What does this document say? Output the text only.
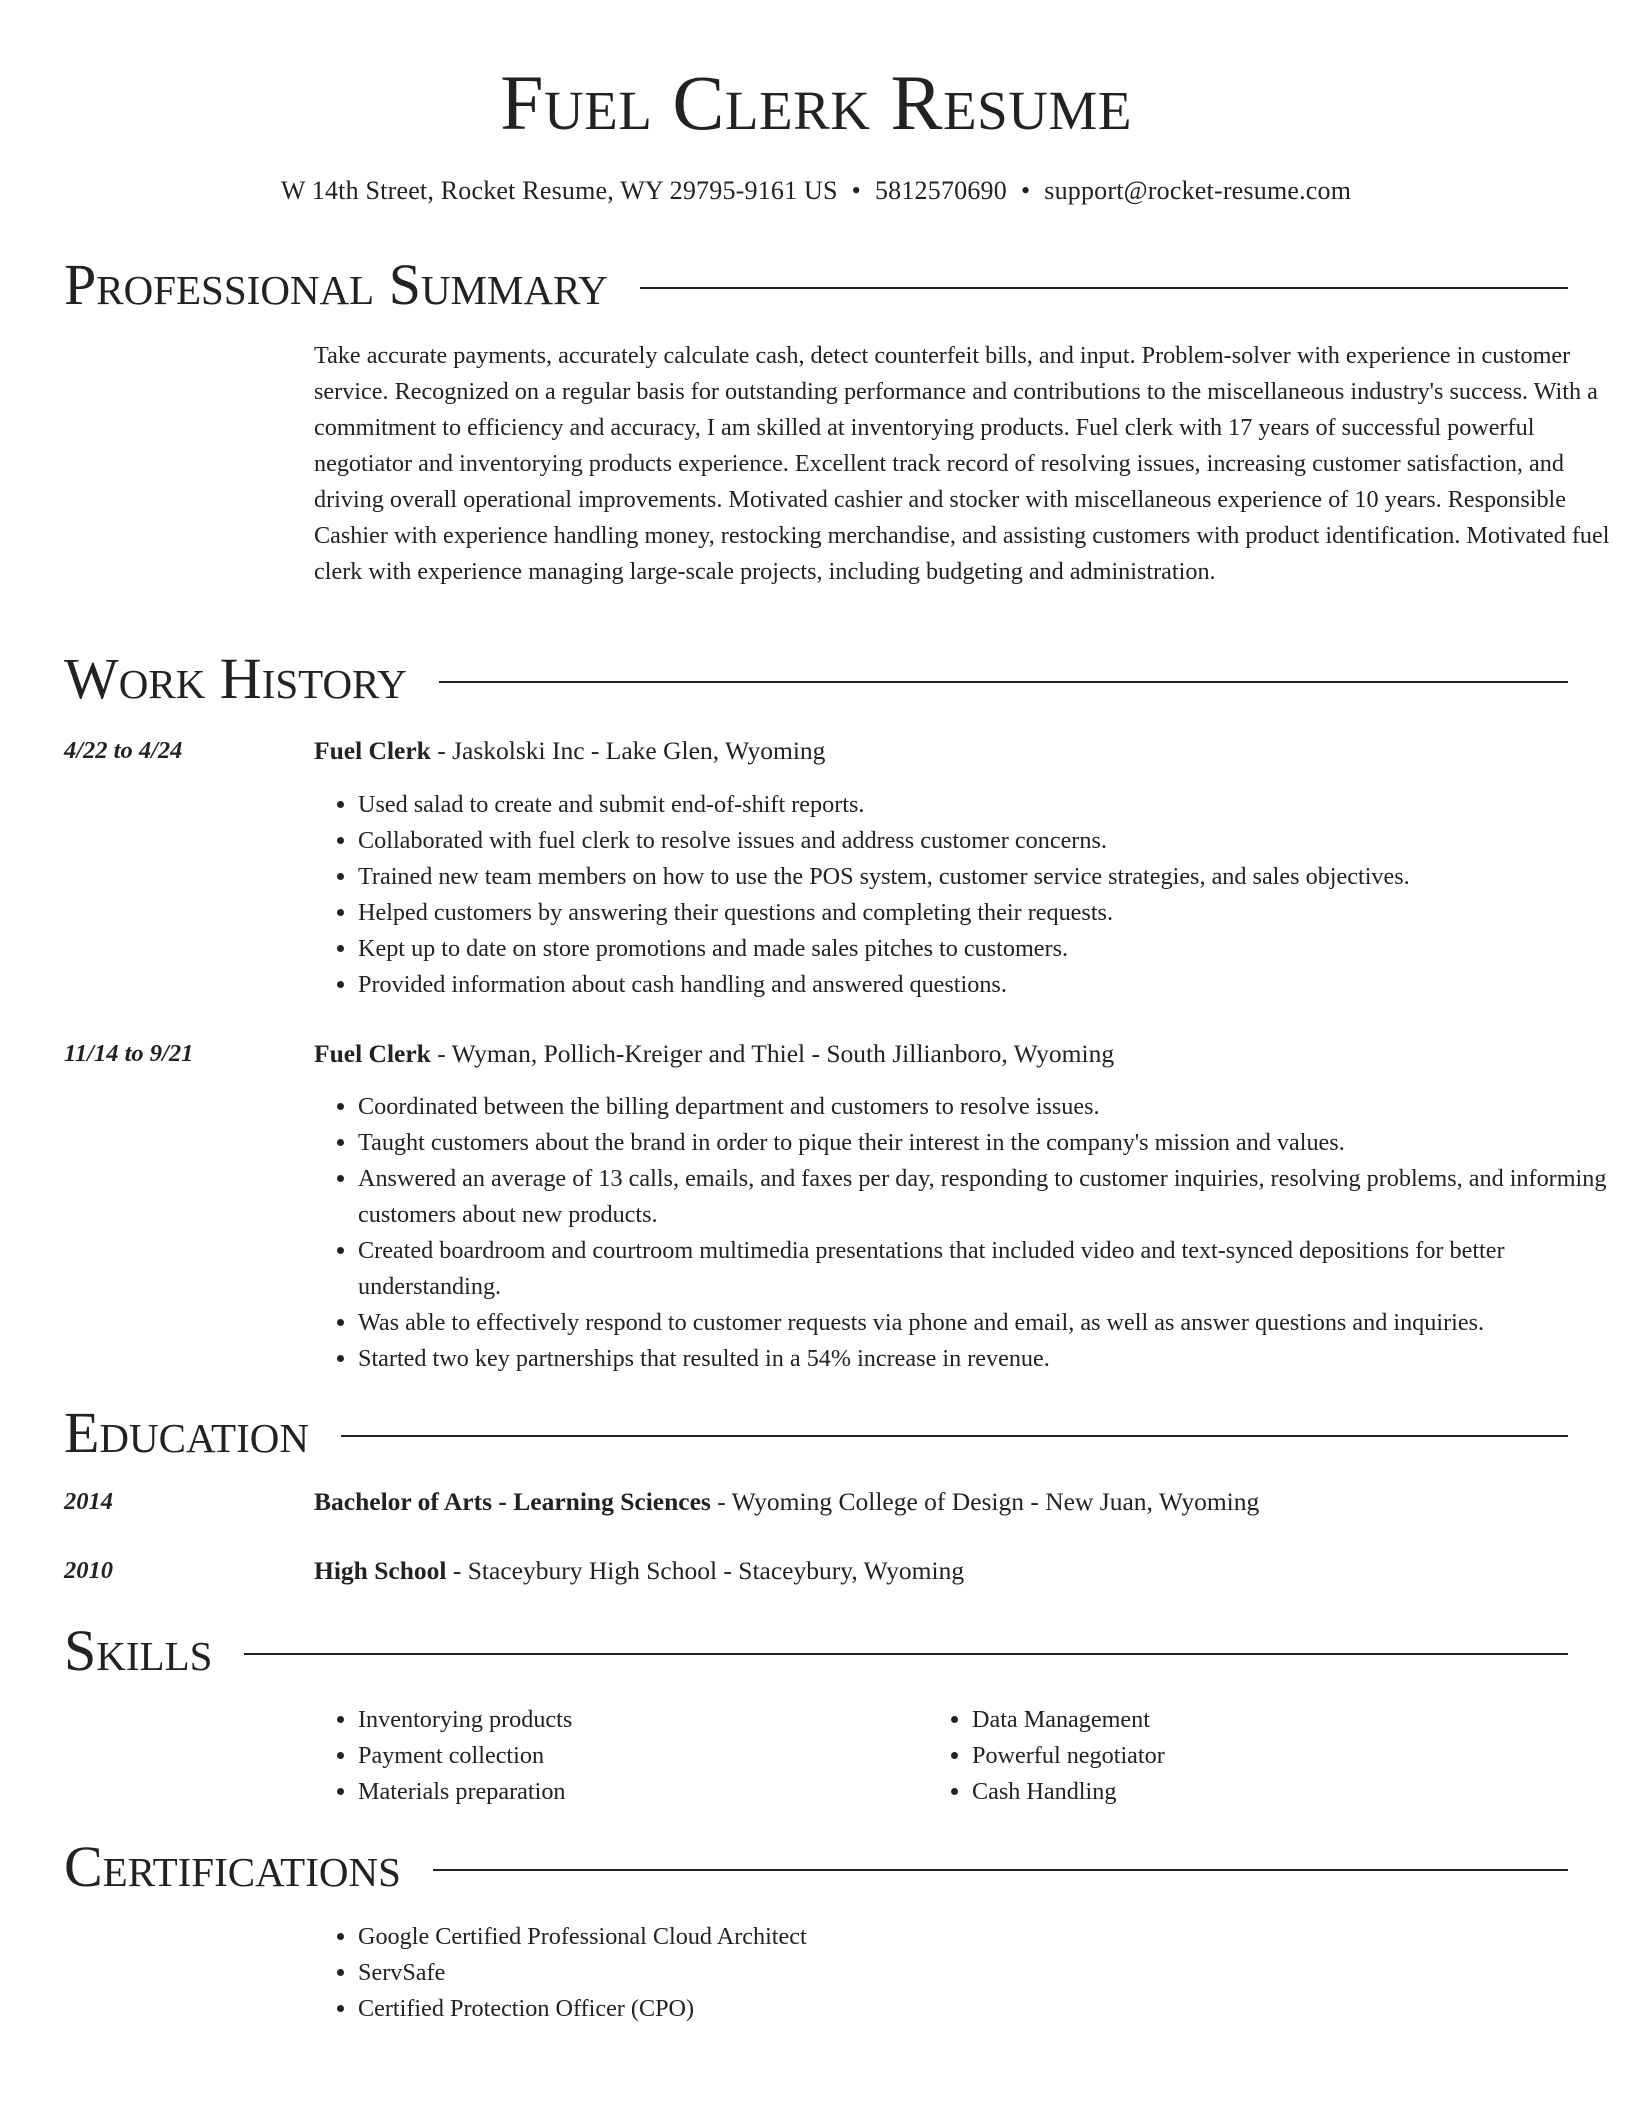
Fuel Clerk Resume
W 14th Street, Rocket Resume, WY 29795-9161 US • 5812570690 • support@rocket-resume.com
Professional Summary
Take accurate payments, accurately calculate cash, detect counterfeit bills, and input. Problem-solver with experience in customer service. Recognized on a regular basis for outstanding performance and contributions to the miscellaneous industry's success. With a commitment to efficiency and accuracy, I am skilled at inventorying products. Fuel clerk with 17 years of successful powerful negotiator and inventorying products experience. Excellent track record of resolving issues, increasing customer satisfaction, and driving overall operational improvements. Motivated cashier and stocker with miscellaneous experience of 10 years. Responsible Cashier with experience handling money, restocking merchandise, and assisting customers with product identification. Motivated fuel clerk with experience managing large-scale projects, including budgeting and administration.
Work History
4/22 to 4/24	Fuel Clerk - Jaskolski Inc - Lake Glen, Wyoming
• Used salad to create and submit end-of-shift reports.
• Collaborated with fuel clerk to resolve issues and address customer concerns.
• Trained new team members on how to use the POS system, customer service strategies, and sales objectives.
• Helped customers by answering their questions and completing their requests.
• Kept up to date on store promotions and made sales pitches to customers.
• Provided information about cash handling and answered questions.
11/14 to 9/21	Fuel Clerk - Wyman, Pollich-Kreiger and Thiel - South Jillianboro, Wyoming
• Coordinated between the billing department and customers to resolve issues.
• Taught customers about the brand in order to pique their interest in the company's mission and values.
• Answered an average of 13 calls, emails, and faxes per day, responding to customer inquiries, resolving problems, and informing customers about new products.
• Created boardroom and courtroom multimedia presentations that included video and text-synced depositions for better understanding.
• Was able to effectively respond to customer requests via phone and email, as well as answer questions and inquiries.
• Started two key partnerships that resulted in a 54% increase in revenue.
Education
2014	Bachelor of Arts - Learning Sciences - Wyoming College of Design - New Juan, Wyoming
2010	High School - Staceybury High School - Staceybury, Wyoming
Skills
• Inventorying products
• Payment collection
• Materials preparation
• Data Management
• Powerful negotiator
• Cash Handling
Certifications
• Google Certified Professional Cloud Architect
• ServSafe
• Certified Protection Officer (CPO)
